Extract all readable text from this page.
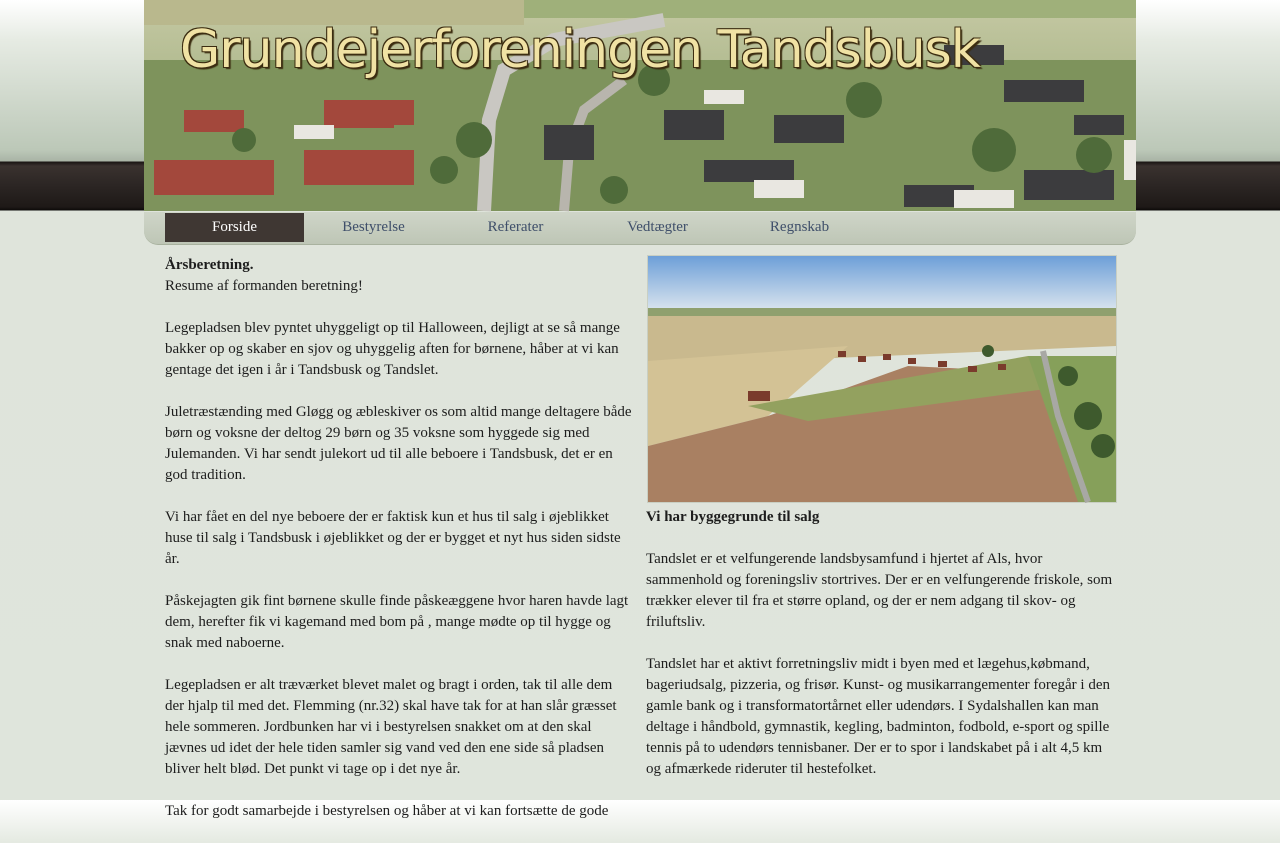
Grundejerforeningen Tandsbusk
Forside	Bestyrelse	Referater	Vedtægter	Regnskab

Årsberetning.

Resume af formanden beretning!

Legepladsen blev pyntet uhyggeligt op til Halloween, dejligt at se så mange bakker op og skaber en sjov og uhyggelig aften for børnene, håber at vi kan gentage det igen i år i Tandsbusk og Tandslet.

Juletræstænding med Gløgg og æbleskiver os som altid mange deltagere både børn og voksne der deltog 29 børn og 35 voksne som hyggede sig med Julemanden. Vi har sendt julekort ud til alle beboere i Tandsbusk, det er en god tradition.

Vi har fået en del nye beboere der er faktisk kun et hus til salg i øjeblikket huse til salg i Tandsbusk i øjeblikket og der er bygget et nyt hus siden sidste år.

Påskejagten gik fint børnene skulle finde påskeæggene hvor haren havde lagt dem, herefter fik vi kagemand med bom på , mange mødte op til hygge og snak med naboerne.

Legepladsen er alt træværket blevet malet og bragt i orden, tak til alle dem der hjalp til med det. Flemming (nr.32) skal have tak for at han slår græsset hele sommeren. Jordbunken har vi i bestyrelsen snakket om at den skal jævnes ud idet der hele tiden samler sig vand ved den ene side så pladsen bliver helt blød. Det punkt vi tage op i det nye år.

Tak for godt samarbejde i bestyrelsen og håber at vi kan fortsætte de gode

Vi har byggegrunde til salg

Tandslet er et velfungerende landsbysamfund i hjertet af Als, hvor sammenhold og foreningsliv stortrives. Der er en velfungerende friskole, som trækker elever til fra et større opland, og der er nem adgang til skov- og friluftsliv.

Tandslet har et aktivt forretningsliv midt i byen med et lægehus,købmand, bageriudsalg, pizzeria, og frisør. Kunst- og musikarrangementer foregår i den gamle bank og i transformatortårnet eller udendørs. I Sydalshallen kan man deltage i håndbold, gymnastik, kegling, badminton, fodbold, e-sport og spille tennis på to udendørs tennisbaner. Der er to spor i landskabet på i alt 4,5 km og afmærkede rideruter til hestefolket.
